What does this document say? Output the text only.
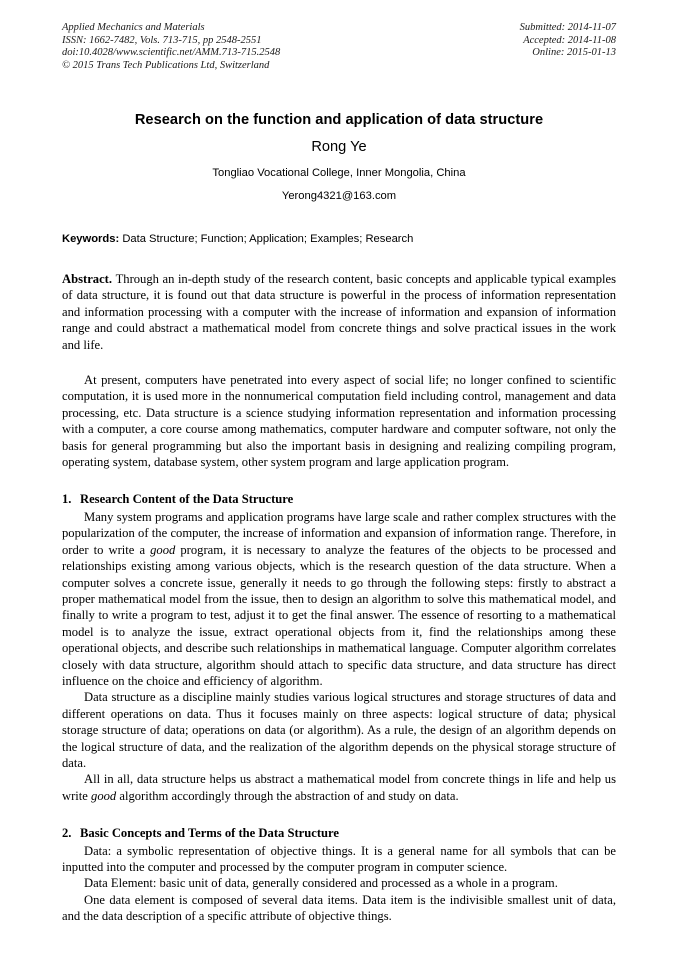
Applied Mechanics and Materials
ISSN: 1662-7482, Vols. 713-715, pp 2548-2551
doi:10.4028/www.scientific.net/AMM.713-715.2548
© 2015 Trans Tech Publications Ltd, Switzerland
Submitted: 2014-11-07
Accepted: 2014-11-08
Online: 2015-01-13
Research on the function and application of data structure
Rong Ye
Tongliao Vocational College, Inner Mongolia, China
Yerong4321@163.com
Keywords: Data Structure; Function; Application; Examples; Research
Abstract. Through an in-depth study of the research content, basic concepts and applicable typical examples of data structure, it is found out that data structure is powerful in the process of information representation and information processing with a computer with the increase of information and expansion of information range and could abstract a mathematical model from concrete things and solve practical issues in the work and life.

At present, computers have penetrated into every aspect of social life; no longer confined to scientific computation, it is used more in the nonnumerical computation field including control, management and data processing, etc. Data structure is a science studying information representation and information processing with a computer, a core course among mathematics, computer hardware and computer software, not only the basis for general programming but also the important basis in designing and realizing compiling program, operating system, database system, other system program and large application program.

1. Research Content of the Data Structure

Many system programs and application programs have large scale and rather complex structures with the popularization of the computer, the increase of information and expansion of information range. Therefore, in order to write a good program, it is necessary to analyze the features of the objects to be processed and relationships existing among various objects, which is the research question of the data structure. When a computer solves a concrete issue, generally it needs to go through the following steps: firstly to abstract a proper mathematical model from the issue, then to design an algorithm to solve this mathematical model, and finally to write a program to test, adjust it to get the final answer. The essence of resorting to a mathematical model is to analyze the issue, extract operational objects from it, find the relationships among these operational objects, and describe such relationships in mathematical language. Computer algorithm correlates closely with data structure, algorithm should attach to specific data structure, and data structure has direct influence on the choice and efficiency of algorithm.

Data structure as a discipline mainly studies various logical structures and storage structures of data and different operations on data. Thus it focuses mainly on three aspects: logical structure of data; physical storage structure of data; operations on data (or algorithm). As a rule, the design of an algorithm depends on the logical structure of data, and the realization of the algorithm depends on the physical storage structure of data.

All in all, data structure helps us abstract a mathematical model from concrete things in life and help us write good algorithm accordingly through the abstraction of and study on data.

2. Basic Concepts and Terms of the Data Structure

Data: a symbolic representation of objective things. It is a general name for all symbols that can be inputted into the computer and processed by the computer program in computer science.

Data Element: basic unit of data, generally considered and processed as a whole in a program.

One data element is composed of several data items. Data item is the indivisible smallest unit of data, and the data description of a specific attribute of objective things.
